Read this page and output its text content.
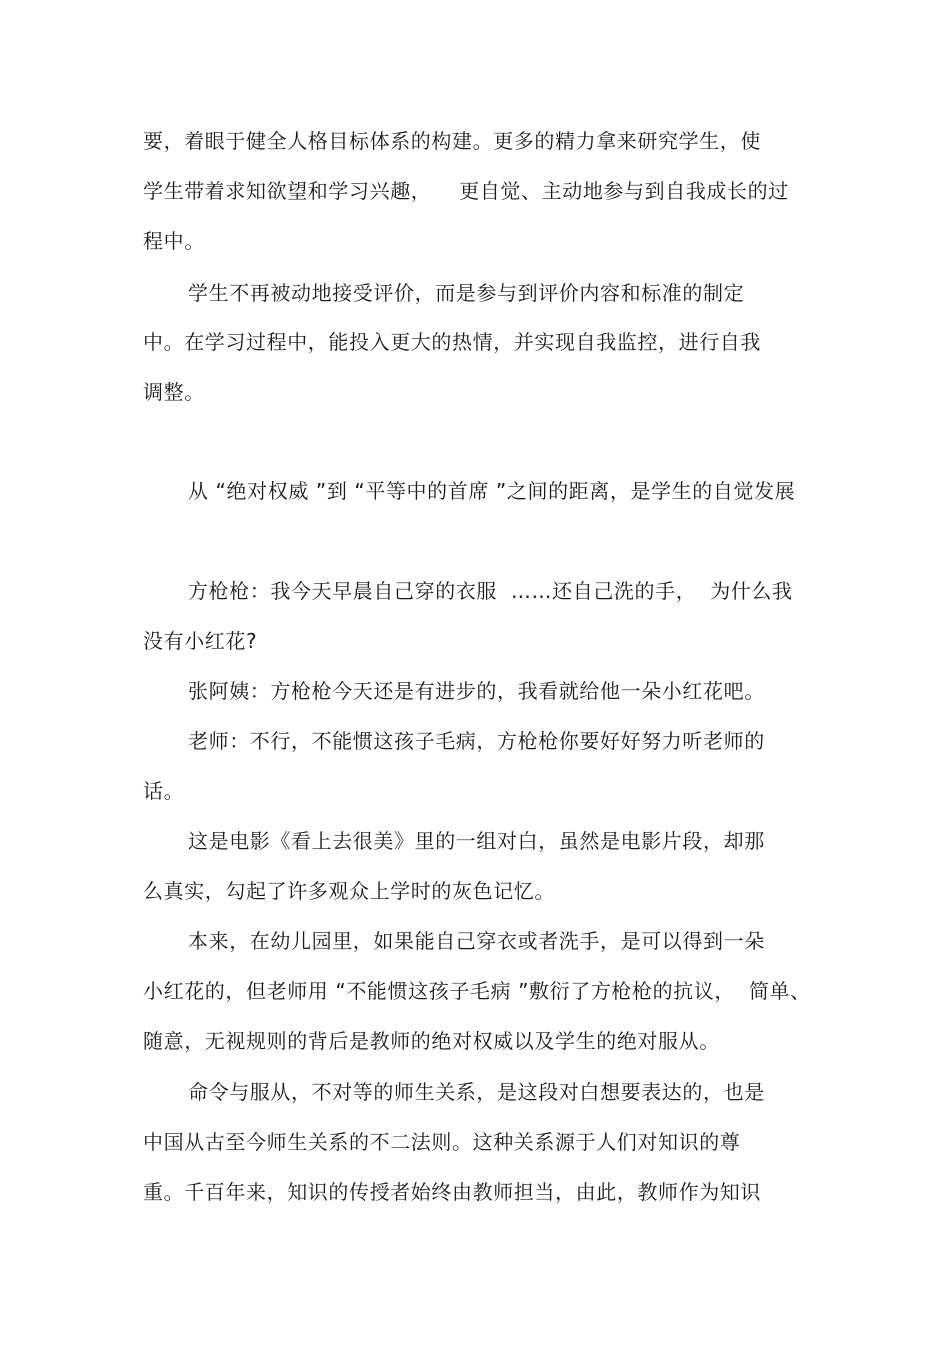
要，着眼于健全人格目标体系的构建。更多的精力拿来研究学生，使
学生带着求知欲望和学习兴趣，    更自觉、主动地参与到自我成长的过
程中。
学生不再被动地接受评价，而是参与到评价内容和标准的制定
中。在学习过程中，能投入更大的热情，并实现自我监控，进行自我
调整。
从 “绝对权威 ”到 “平等中的首席 ”之间的距离，是学生的自觉发展
方枪枪：我今天早晨自己穿的衣服  ……还自己洗的手，  为什么我
没有小红花?
张阿姨：方枪枪今天还是有进步的，我看就给他一朵小红花吧。
老师：不行，不能惯这孩子毛病，方枪枪你要好好努力听老师的
话。
这是电影《看上去很美》里的一组对白，虽然是电影片段，却那
么真实，勾起了许多观众上学时的灰色记忆。
本来，在幼儿园里，如果能自己穿衣或者洗手，是可以得到一朵
小红花的，但老师用 “不能惯这孩子毛病 ”敷衍了方枪枪的抗议，  简单、
随意，无视规则的背后是教师的绝对权威以及学生的绝对服从。
命令与服从，不对等的师生关系，是这段对白想要表达的，也是
中国从古至今师生关系的不二法则。这种关系源于人们对知识的尊
重。千百年来，知识的传授者始终由教师担当，由此，教师作为知识
